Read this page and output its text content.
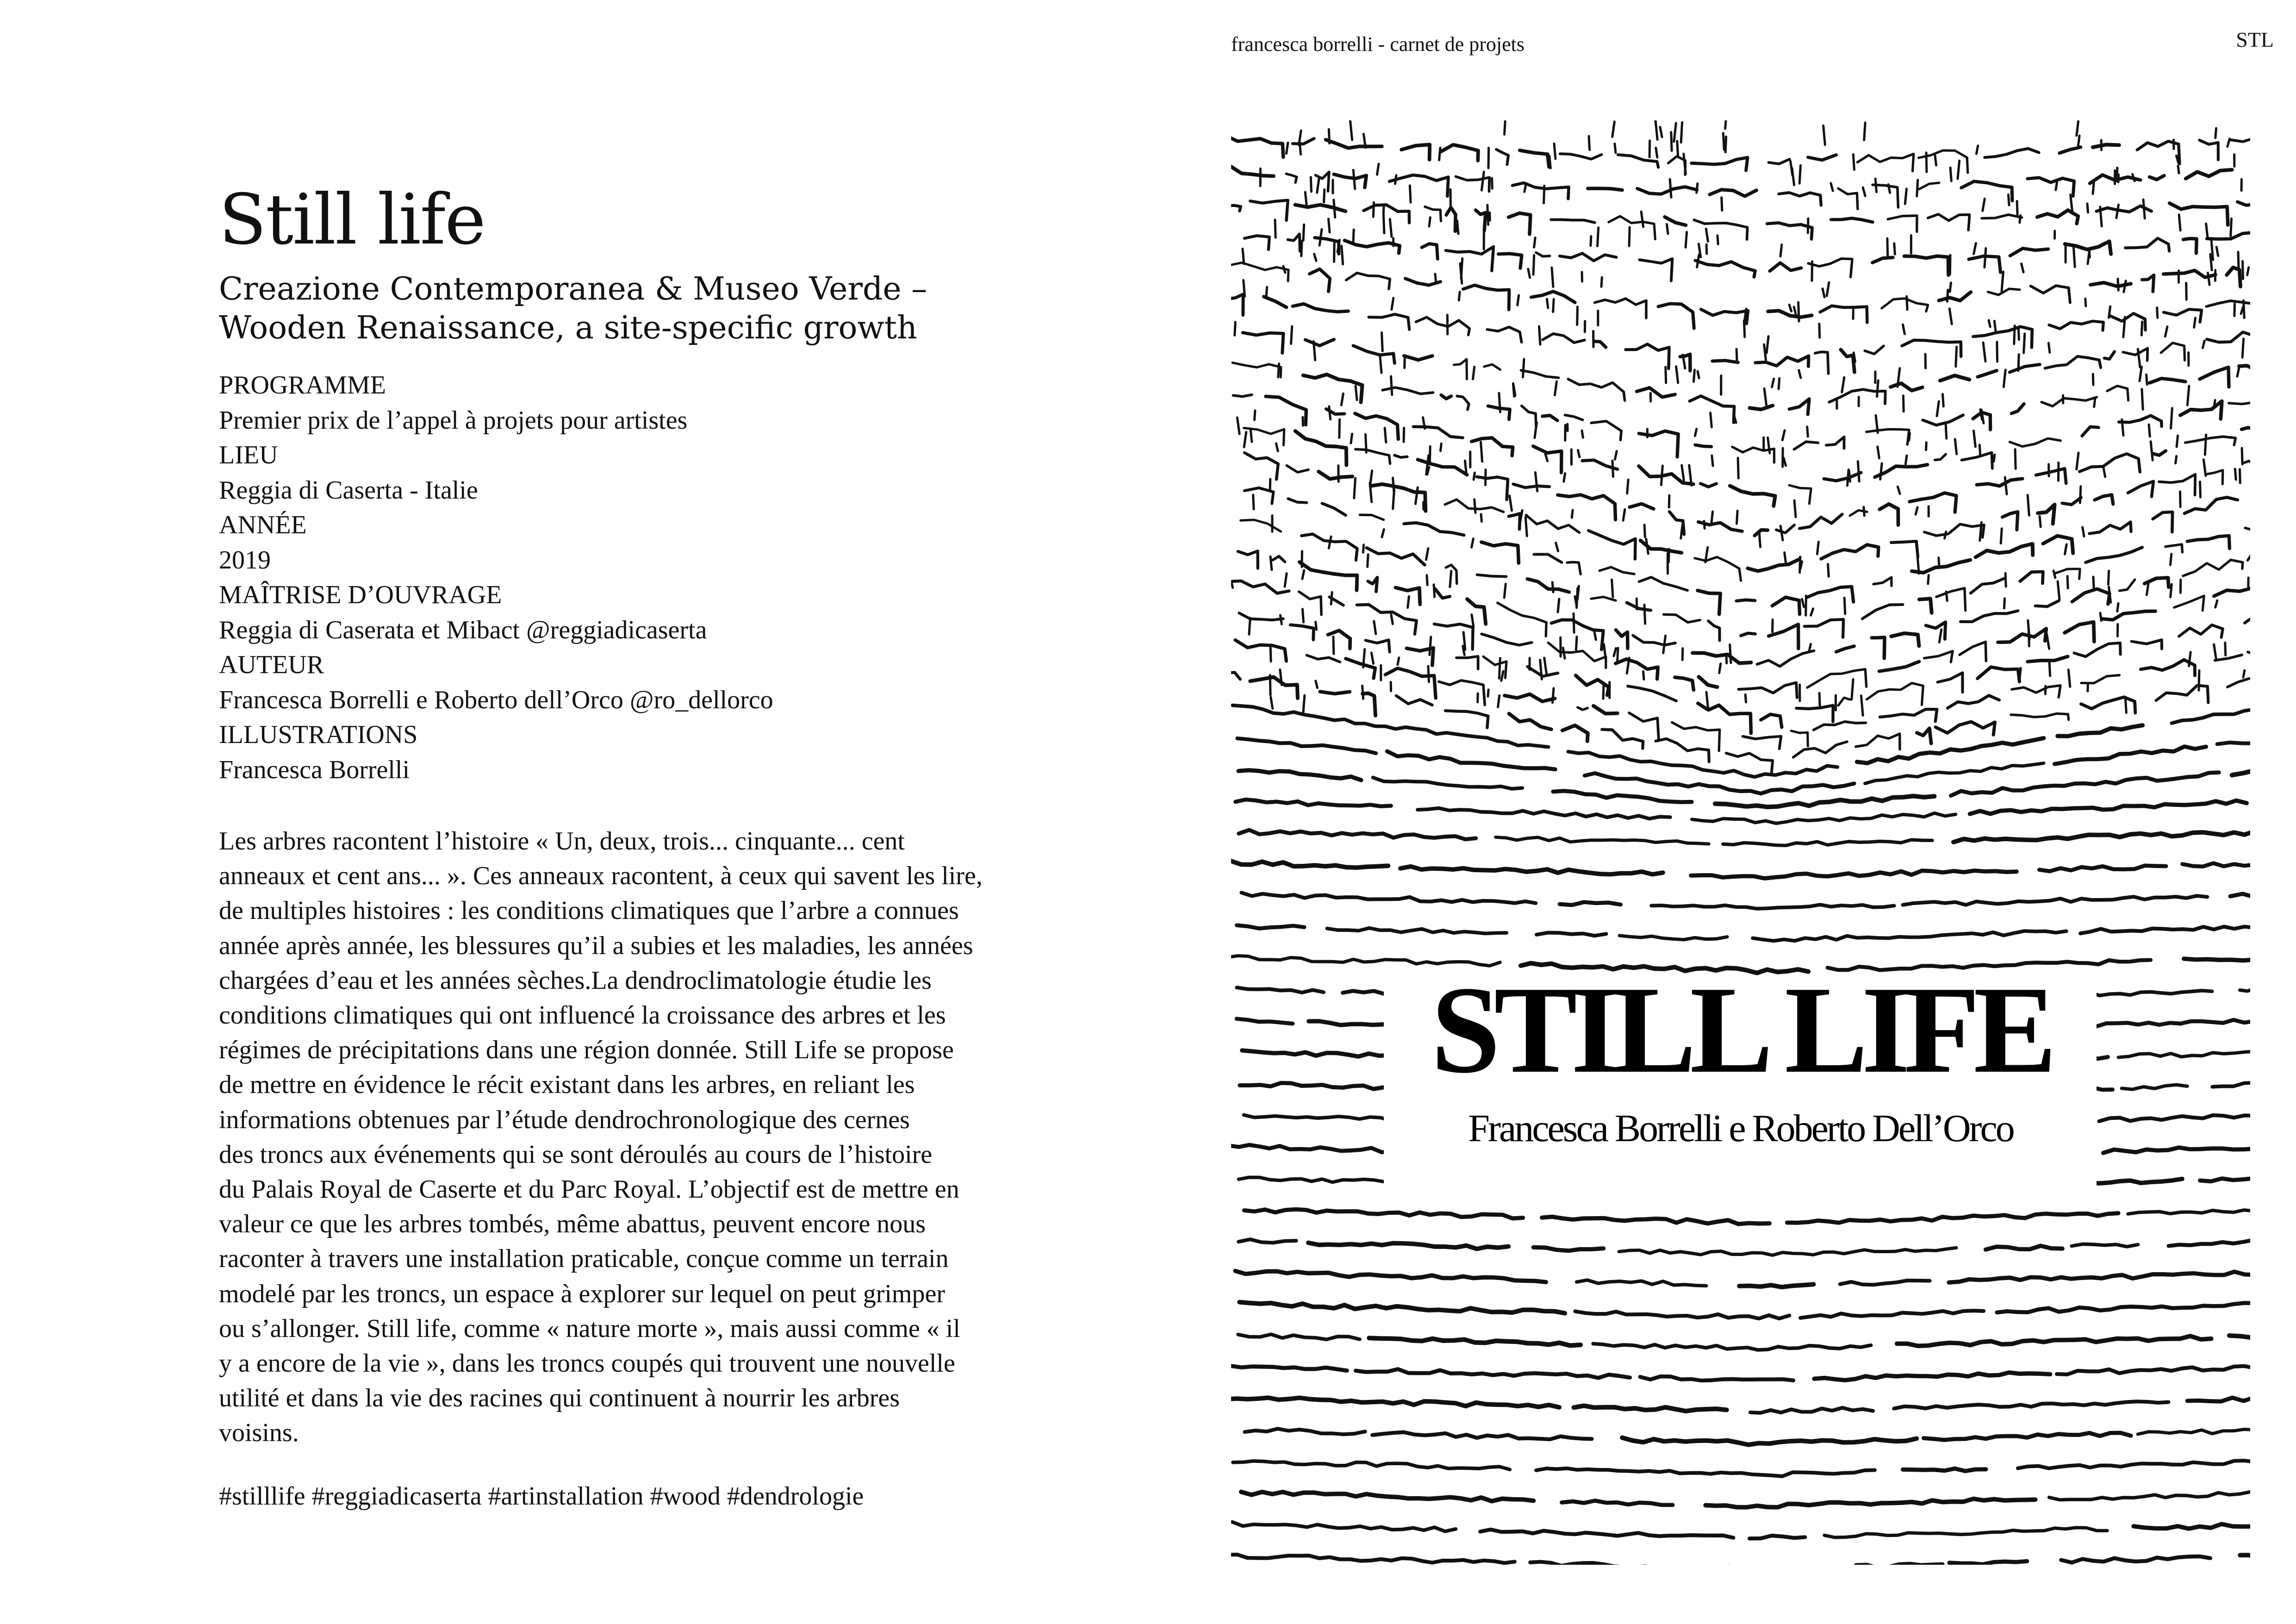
Still life
Creazione Contemporanea & Museo Verde –
Wooden Renaissance, a site-specific growth
PROGRAMME
Premier prix de l’appel à projets pour artistes
LIEU
Reggia di Caserta - Italie
ANNÉE
2019
MAÎTRISE D’OUVRAGE
Reggia di Caserata et Mibact @reggiadicaserta
AUTEUR
Francesca Borrelli e Roberto dell’Orco @ro_dellorco
ILLUSTRATIONS
Francesca Borrelli
Les arbres racontent l’histoire « Un, deux, trois... cinquante... cent
anneaux et cent ans... ». Ces anneaux racontent, à ceux qui savent les lire,
de multiples histoires : les conditions climatiques que l’arbre a connues
année après année, les blessures qu’il a subies et les maladies, les années
chargées d’eau et les années sèches.La dendroclimatologie étudie les
conditions climatiques qui ont influencé la croissance des arbres et les
régimes de précipitations dans une région donnée. Still Life se propose
de mettre en évidence le récit existant dans les arbres, en reliant les
informations obtenues par l’étude dendrochronologique des cernes
des troncs aux événements qui se sont déroulés au cours de l’histoire
du Palais Royal de Caserte et du Parc Royal. L’objectif est de mettre en
valeur ce que les arbres tombés, même abattus, peuvent encore nous
raconter à travers une installation praticable, conçue comme un terrain
modelé par les troncs, un espace à explorer sur lequel on peut grimper
ou s’allonger. Still life, comme « nature morte », mais aussi comme « il
y a encore de la vie », dans les troncs coupés qui trouvent une nouvelle
utilité et dans la vie des racines qui continuent à nourrir les arbres
voisins.
#stilllife #reggiadicaserta #artinstallation #wood #dendrologie
francesca borrelli - carnet de projets	STL
STILL LIFE
Francesca Borrelli e Roberto Dell’Orco
